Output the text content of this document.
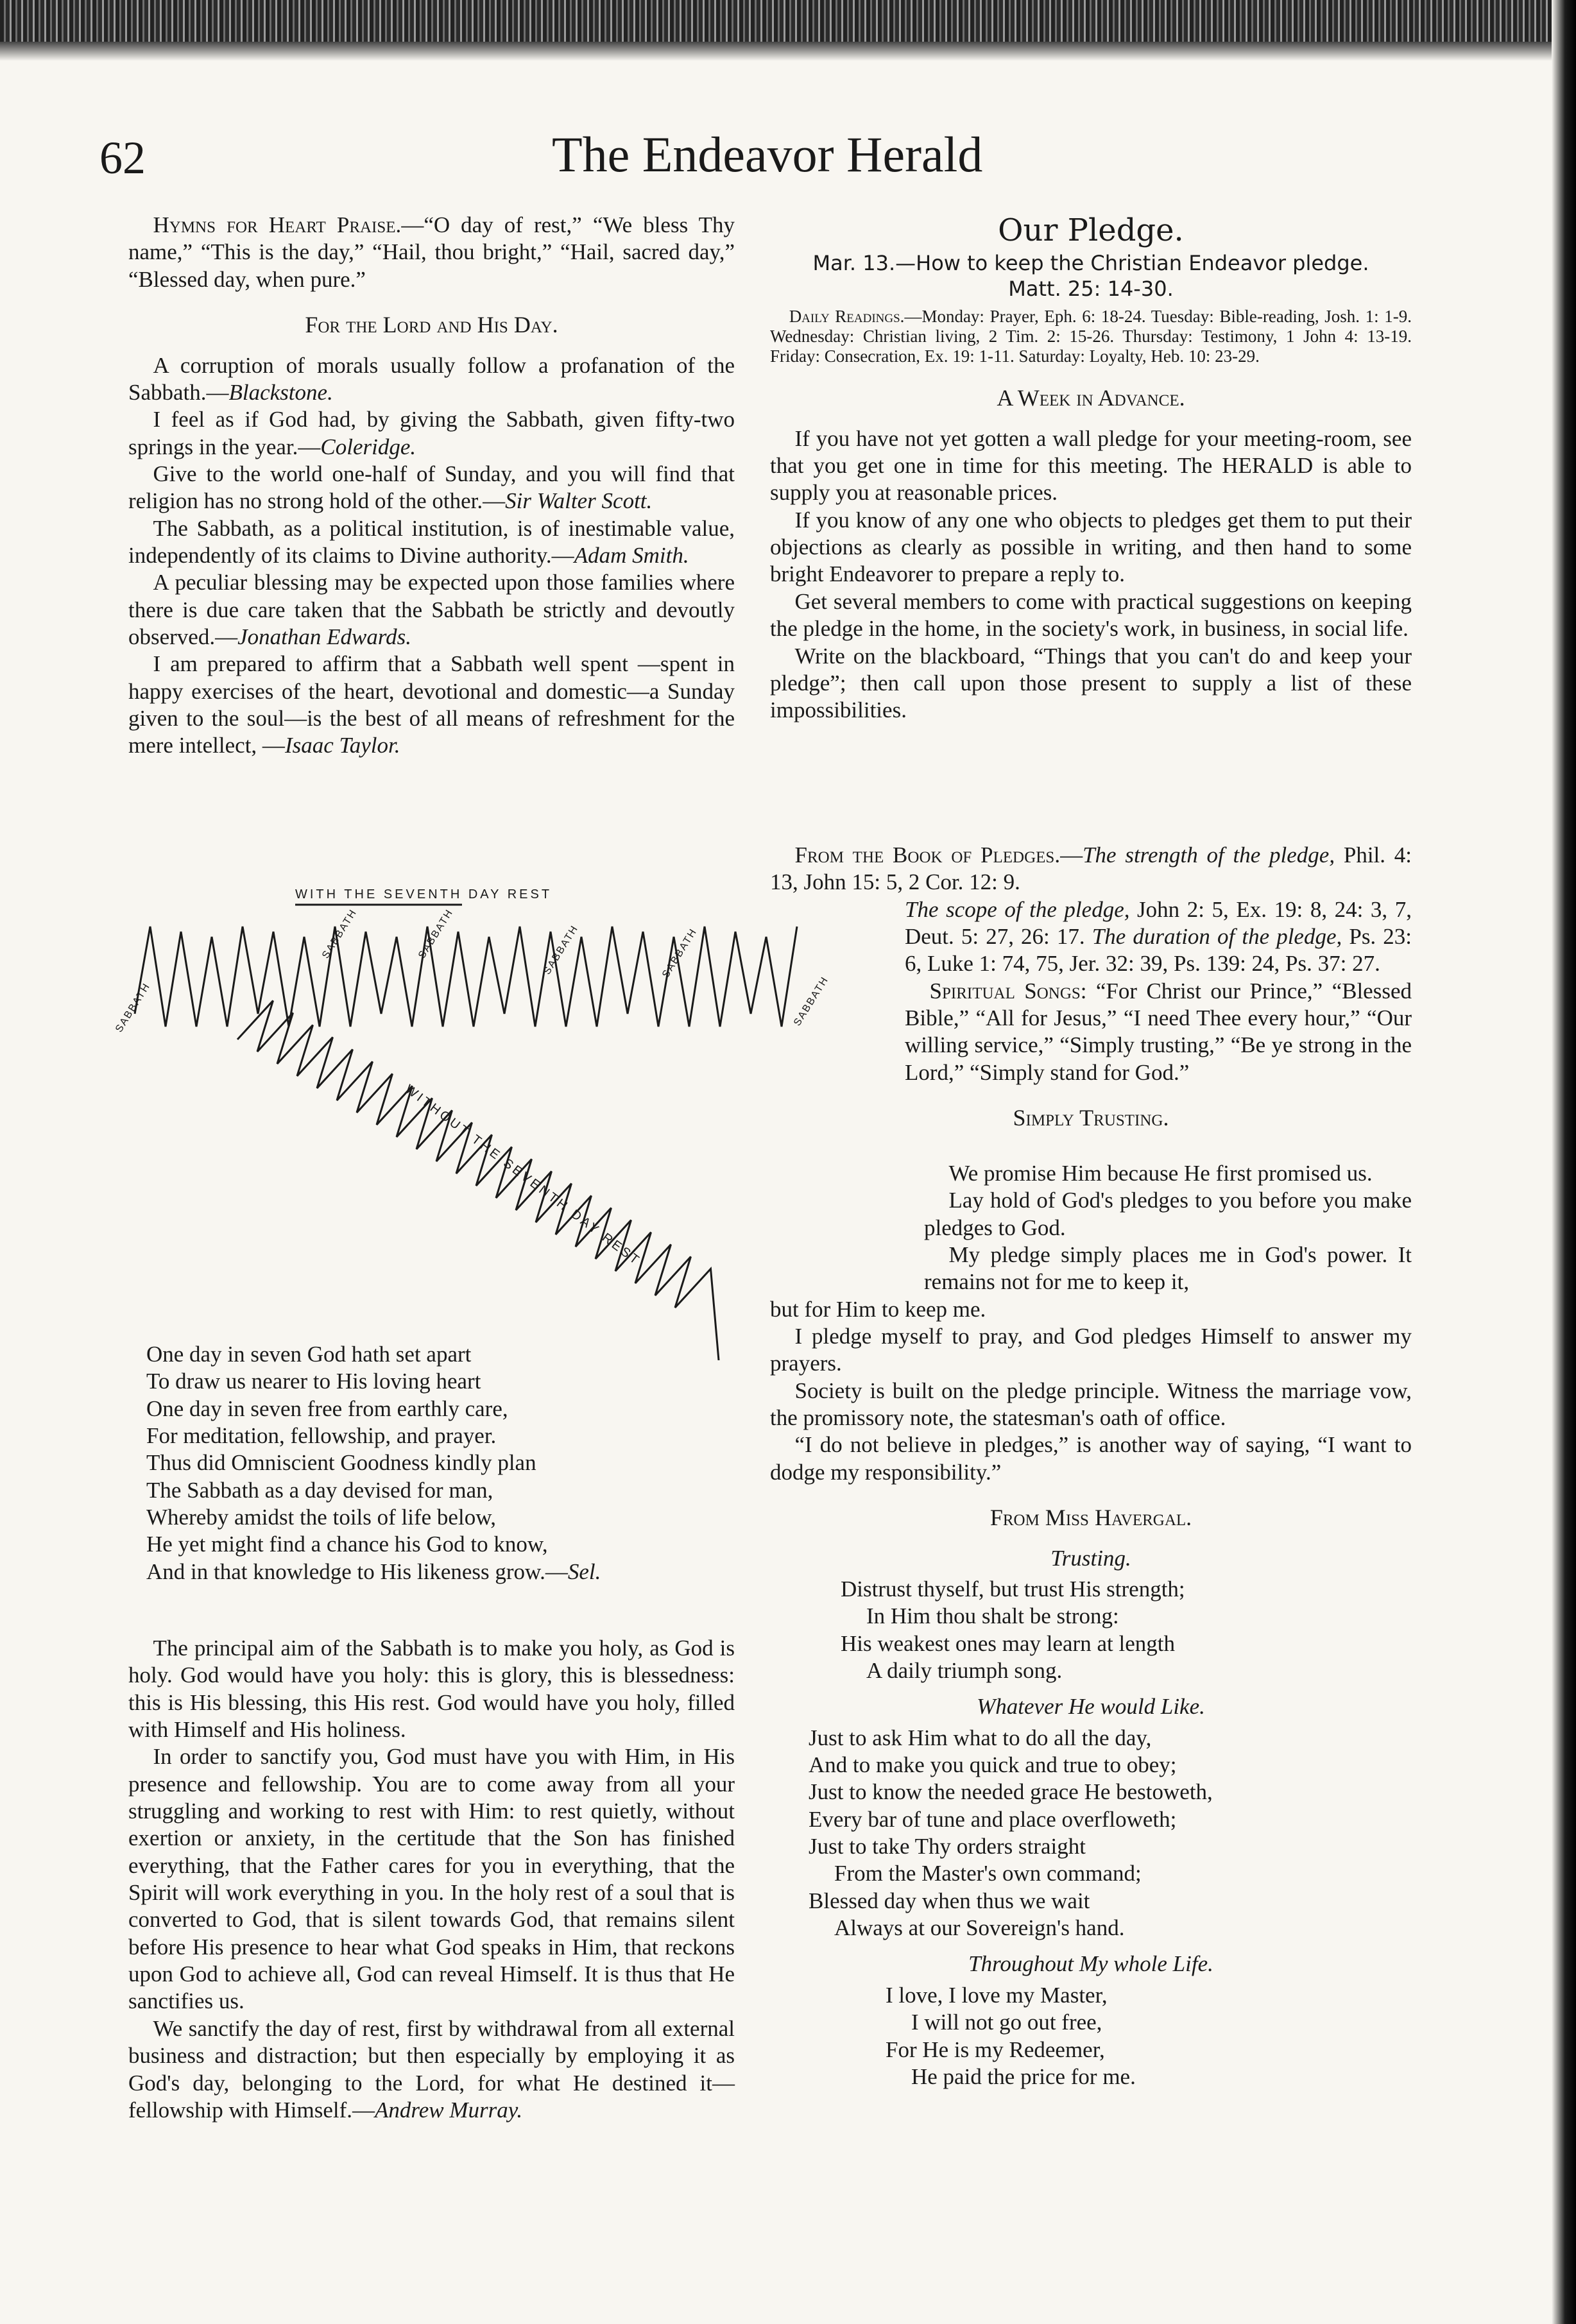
62	The Endeavor Herald

Hymns for Heart Praise.—“O day of rest,” “We bless Thy name,” “This is the day,” “Hail, thou bright,” “Hail, sacred day,” “Blessed day, when pure.”

For the Lord and His Day.

A corruption of morals usually follow a profanation of the Sabbath.—Blackstone.

I feel as if God had, by giving the Sabbath, given fifty-two springs in the year.—Coleridge.

Give to the world one-half of Sunday, and you will find that religion has no strong hold of the other.—Sir Walter Scott.

The Sabbath, as a political institution, is of inestimable value, independently of its claims to Divine authority.—Adam Smith.

A peculiar blessing may be expected upon those families where there is due care taken that the Sabbath be strictly and devoutly observed.—Jonathan Edwards.

I am prepared to affirm that a Sabbath well spent —spent in happy exercises of the heart, devotional and domestic—a Sunday given to the soul—is the best of all means of refreshment for the mere intellect, —Isaac Taylor.

WITH THE SEVENTH DAY REST
WITHOUT THE SEVENTH DAY REST
SABBATH
SABBATH	SABBATH	SABBATH	SABBATH
SABBATH
One day in seven God hath set apart
To draw us nearer to His loving heart
One day in seven free from earthly care,
For meditation, fellowship, and prayer.
Thus did Omniscient Goodness kindly plan
The Sabbath as a day devised for man,
Whereby amidst the toils of life below,
He yet might find a chance his God to know,
And in that knowledge to His likeness grow.—Sel.

The principal aim of the Sabbath is to make you holy, as God is holy. God would have you holy: this is glory, this is blessedness: this is His blessing, this His rest. God would have you holy, filled with Himself and His holiness.

In order to sanctify you, God must have you with Him, in His presence and fellowship. You are to come away from all your struggling and working to rest with Him: to rest quietly, without exertion or anxiety, in the certitude that the Son has finished everything, that the Father cares for you in everything, that the Spirit will work everything in you. In the holy rest of a soul that is converted to God, that is silent towards God, that remains silent before His presence to hear what God speaks in Him, that reckons upon God to achieve all, God can reveal Himself. It is thus that He sanctifies us.

We sanctify the day of rest, first by withdrawal from all external business and distraction; but then especially by employing it as God's day, belonging to the Lord, for what He destined it—fellowship with Himself.—Andrew Murray.

Our Pledge.
Mar. 13.—How to keep the Christian Endeavor pledge.
Matt. 25: 14-30.

Daily Readings.—Monday: Prayer, Eph. 6: 18-24. Tuesday: Bible-reading, Josh. 1: 1-9. Wednesday: Christian living, 2 Tim. 2: 15-26. Thursday: Testimony, 1 John 4: 13-19. Friday: Consecration, Ex. 19: 1-11. Saturday: Loyalty, Heb. 10: 23-29.

A Week in Advance.

If you have not yet gotten a wall pledge for your meeting-room, see that you get one in time for this meeting. The HERALD is able to supply you at reasonable prices.

If you know of any one who objects to pledges get them to put their objections as clearly as possible in writing, and then hand to some bright Endeavorer to prepare a reply to.

Get several members to come with practical suggestions on keeping the pledge in the home, in the society's work, in business, in social life.

Write on the blackboard, “Things that you can't do and keep your pledge”; then call upon those present to supply a list of these impossibilities.

From the Book of Pledges.—The strength of the pledge, Phil. 4: 13, John 15: 5, 2 Cor. 12: 9.
The scope of the pledge, John 2: 5, Ex. 19: 8, 24: 3, 7, Deut. 5: 27, 26: 17. The duration of the pledge, Ps. 23: 6, Luke 1: 74, 75, Jer. 32: 39, Ps. 139: 24, Ps. 37: 27.
Spiritual Songs: “For Christ our Prince,” “Blessed Bible,” “All for Jesus,” “I need Thee every hour,” “Our willing service,” “Simply trusting,” “Be ye strong in the Lord,” “Simply stand for God.”
Simply Trusting.

We promise Him because He first promised us.

Lay hold of God's pledges to you before you make pledges to God.

My pledge simply places me in God's power. It remains not for me to keep it,

but for Him to keep me.

I pledge myself to pray, and God pledges Himself to answer my prayers.

Society is built on the pledge principle. Witness the marriage vow, the promissory note, the statesman's oath of office.

“I do not believe in pledges,” is another way of saying, “I want to dodge my responsibility.”

From Miss Havergal.
Trusting.
Distrust thyself, but trust His strength;
In Him thou shalt be strong:
His weakest ones may learn at length
A daily triumph song.
Whatever He would Like.
Just to ask Him what to do all the day,
And to make you quick and true to obey;
Just to know the needed grace He bestoweth,
Every bar of tune and place overfloweth;
Just to take Thy orders straight
From the Master's own command;
Blessed day when thus we wait
Always at our Sovereign's hand.
Throughout My whole Life.
I love, I love my Master,
I will not go out free,
For He is my Redeemer,
He paid the price for me.
